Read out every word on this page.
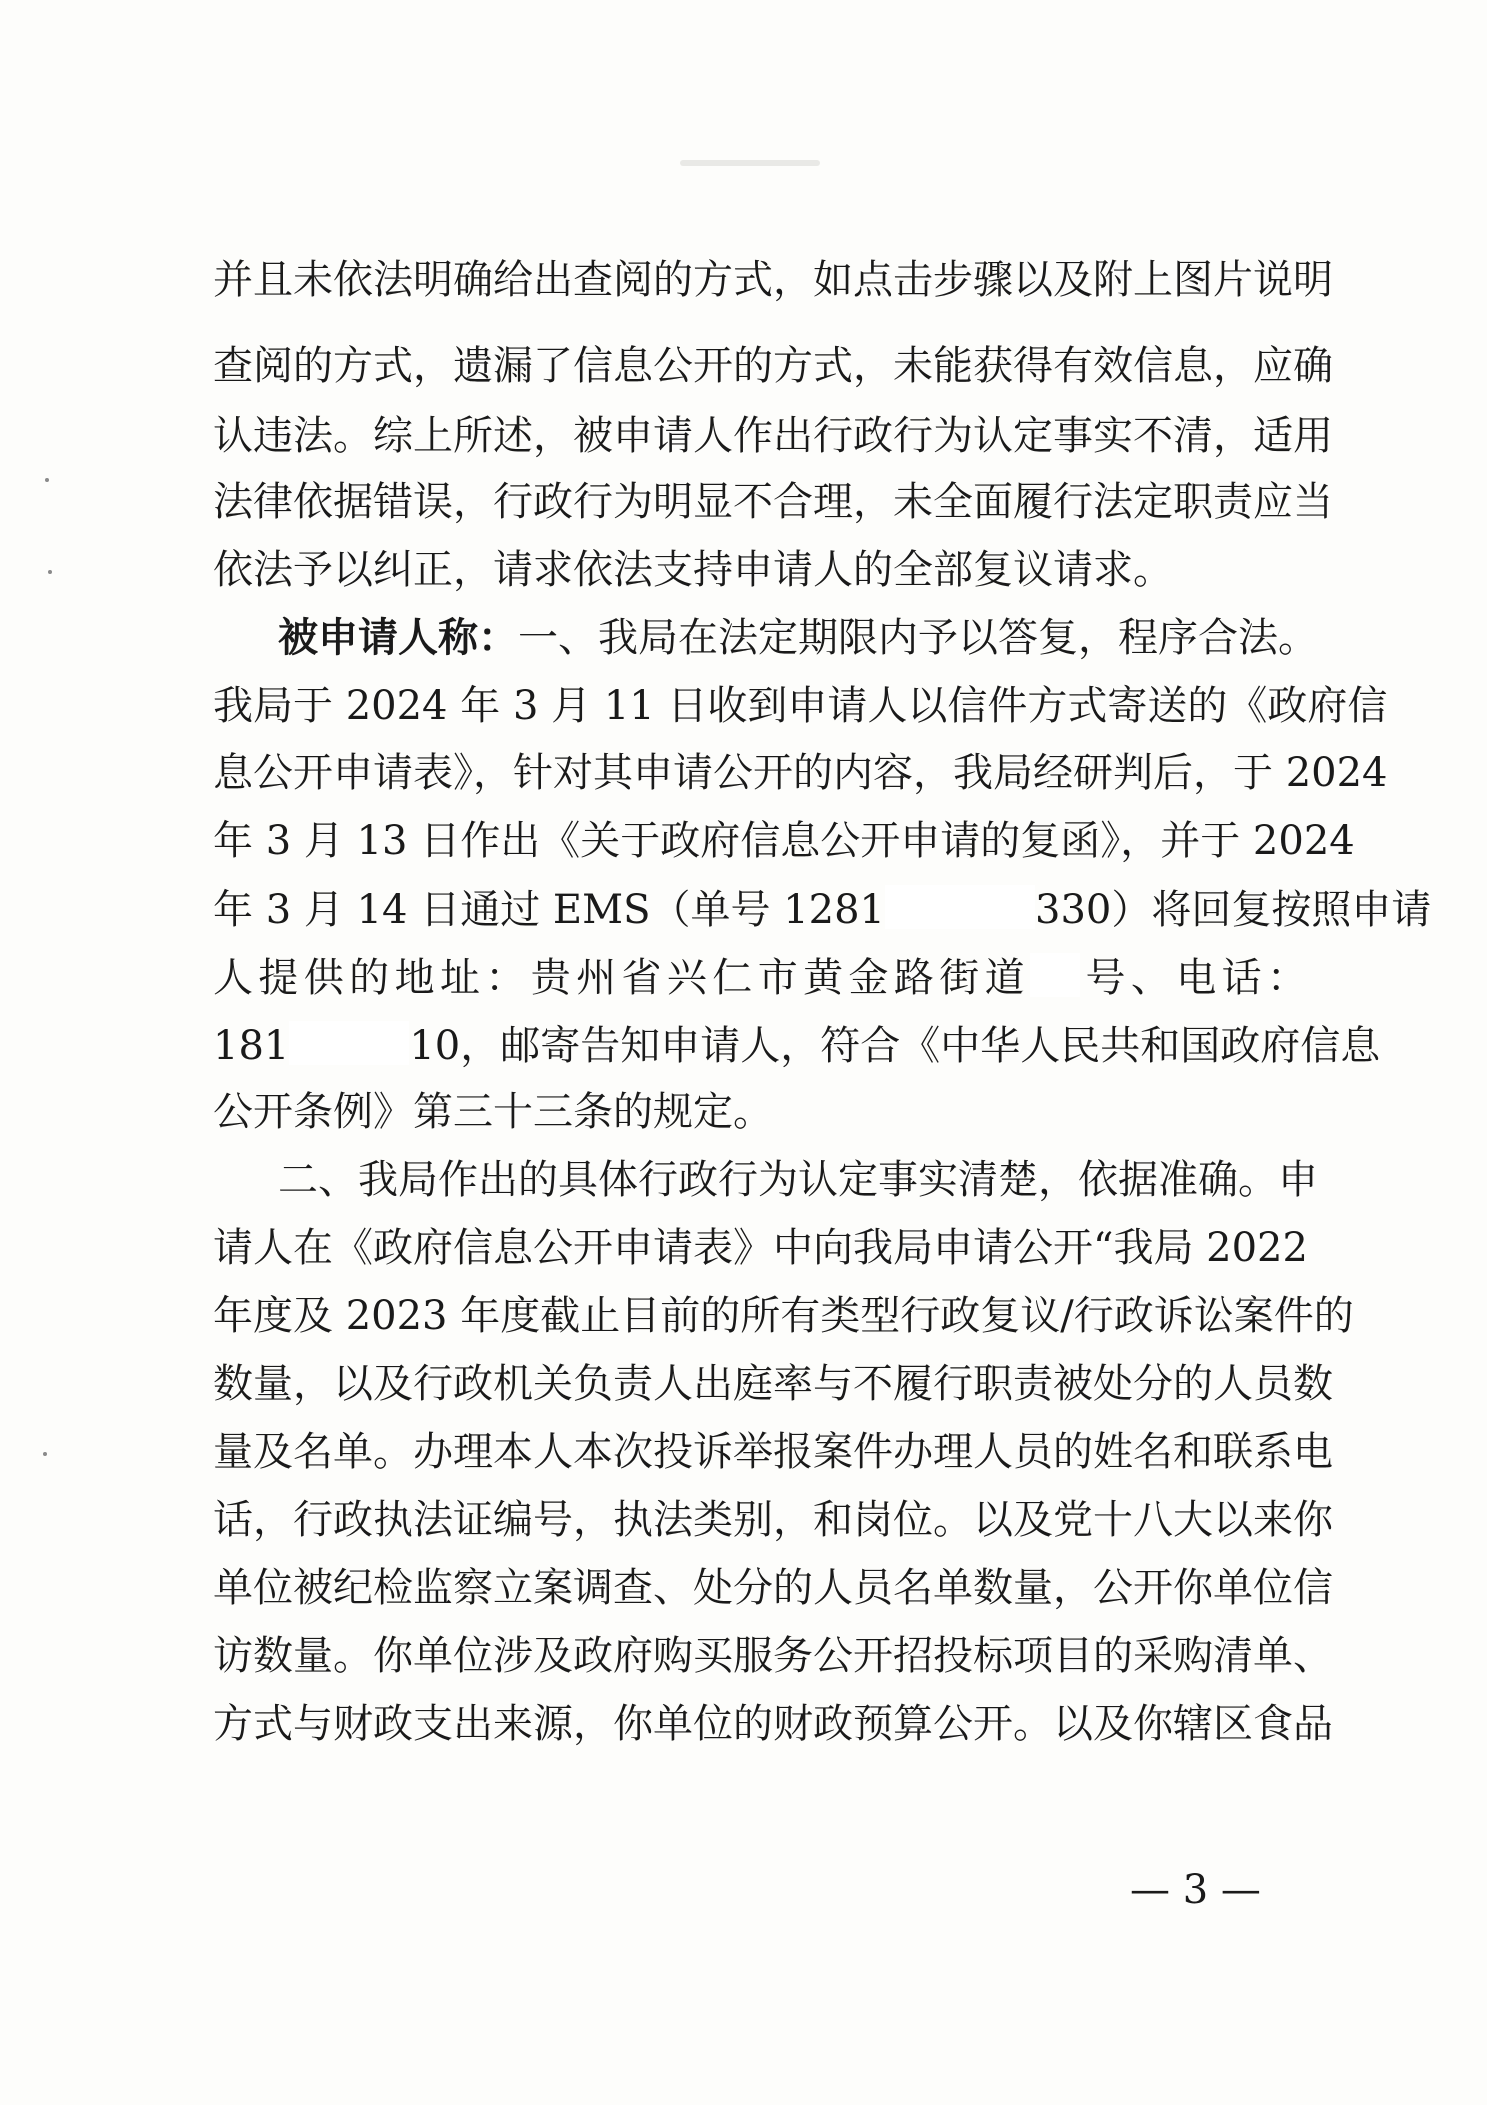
并且未依法明确给出查阅的方式，如点击步骤以及附上图片说明
查阅的方式，遗漏了信息公开的方式，未能获得有效信息，应确
认违法。综上所述，被申请人作出行政行为认定事实不清，适用
法律依据错误，行政行为明显不合理，未全面履行法定职责应当
依法予以纠正，请求依法支持申请人的全部复议请求。
被申请人称：一、我局在法定期限内予以答复，程序合法。
我局于 2024 年 3 月 11 日收到申请人以信件方式寄送的《政府信
息公开申请表》，针对其申请公开的内容，我局经研判后，于 2024
年 3 月 13 日作出《关于政府信息公开申请的复函》，并于 2024
年 3 月 14 日通过 EMS（单号 1281	330）将回复按照申请
人提供的地址：贵州省兴仁市黄金路街道 号、电话：
181	10，邮寄告知申请人，符合《中华人民共和国政府信息
公开条例》第三十三条的规定。
二、我局作出的具体行政行为认定事实清楚，依据准确。申
请人在《政府信息公开申请表》中向我局申请公开“我局 2022
年度及 2023 年度截止目前的所有类型行政复议/行政诉讼案件的
数量，以及行政机关负责人出庭率与不履行职责被处分的人员数
量及名单。办理本人本次投诉举报案件办理人员的姓名和联系电
话，行政执法证编号，执法类别，和岗位。以及党十八大以来你
单位被纪检监察立案调查、处分的人员名单数量，公开你单位信
访数量。你单位涉及政府购买服务公开招投标项目的采购清单、
方式与财政支出来源，你单位的财政预算公开。以及你辖区食品
— 3 —
